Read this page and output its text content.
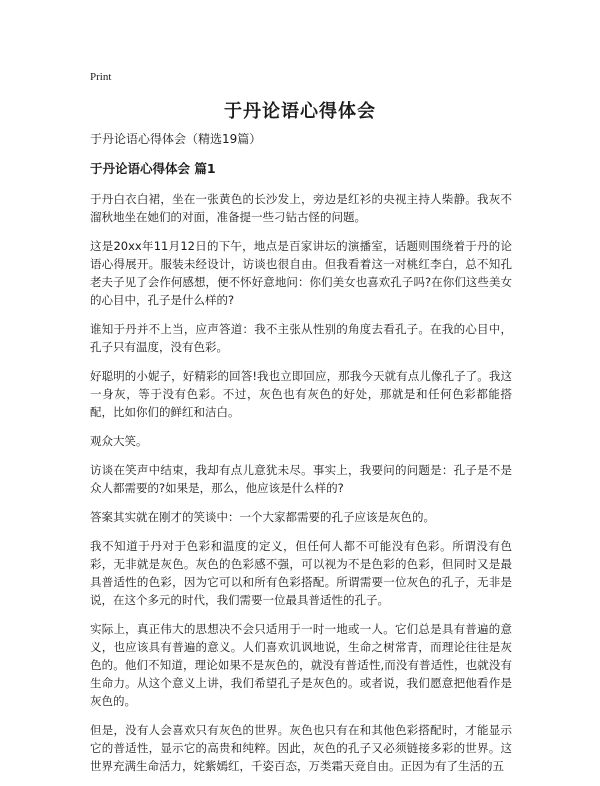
Print
于丹论语心得体会

于丹论语心得体会（精选19篇）

于丹论语心得体会 篇1

于丹白衣白裙，坐在一张黄色的长沙发上，旁边是红衫的央视主持人柴静。我灰不溜秋地坐在她们的对面，准备提一些刁钻古怪的问题。

这是20xx年11月12日的下午，地点是百家讲坛的演播室，话题则围绕着于丹的论语心得展开。服装未经设计，访谈也很自由。但我看着这一对桃红李白，总不知孔老夫子见了会作何感想，便不怀好意地问：你们美女也喜欢孔子吗?在你们这些美女的心目中，孔子是什么样的?

谁知于丹并不上当，应声答道：我不主张从性别的角度去看孔子。在我的心目中，孔子只有温度，没有色彩。

好聪明的小妮子，好精彩的回答!我也立即回应，那我今天就有点儿像孔子了。我这一身灰，等于没有色彩。不过，灰色也有灰色的好处，那就是和任何色彩都能搭配，比如你们的鲜红和洁白。

观众大笑。

访谈在笑声中结束，我却有点儿意犹未尽。事实上，我要问的问题是：孔子是不是众人都需要的?如果是，那么，他应该是什么样的?

答案其实就在刚才的笑谈中：一个大家都需要的孔子应该是灰色的。

我不知道于丹对于色彩和温度的定义，但任何人都不可能没有色彩。所谓没有色彩，无非就是灰色。灰色的色彩感不强，可以视为不是色彩的色彩，但同时又是最具普适性的色彩，因为它可以和所有色彩搭配。所谓需要一位灰色的孔子，无非是说，在这个多元的时代，我们需要一位最具普适性的孔子。

实际上，真正伟大的思想决不会只适用于一时一地或一人。它们总是具有普遍的意义，也应该具有普遍的意义。人们喜欢讥讽地说，生命之树常青，而理论往往是灰色的。他们不知道，理论如果不是灰色的，就没有普适性,而没有普适性，也就没有生命力。从这个意义上讲，我们希望孔子是灰色的。或者说，我们愿意把他看作是灰色的。

但是，没有人会喜欢只有灰色的世界。灰色也只有在和其他色彩搭配时，才能显示它的普适性，显示它的高贵和纯粹。因此，灰色的孔子又必须链接多彩的世界。这世界充满生命活力，姹紫嫣红，千姿百态，万类霜天竞自由。正因为有了生活的五
